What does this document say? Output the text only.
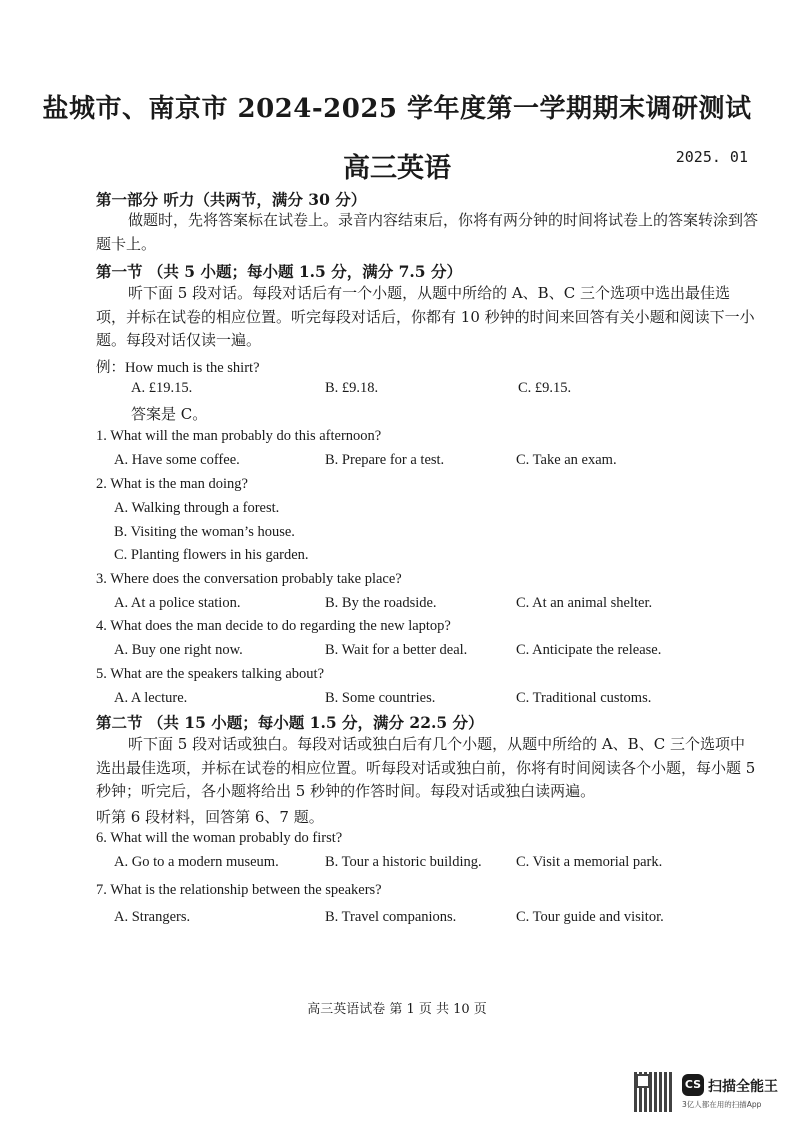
盐城市、南京市 2024-2025 学年度第一学期期末调研测试
高三英语	2025. 01
第一部分 听力（共两节，满分 30 分）
做题时，先将答案标在试卷上。录音内容结束后，你将有两分钟的时间将试卷上的答案转涂到答题卡上。
第一节 （共 5 小题；每小题 1.5 分，满分 7.5 分）
听下面 5 段对话。每段对话后有一个小题，从题中所给的 A、B、C 三个选项中选出最佳选项，并标在试卷的相应位置。听完每段对话后，你都有 10 秒钟的时间来回答有关小题和阅读下一小题。每段对话仅读一遍。
例：How much is the shirt?
A. £19.15.	B. £9.18.	C. £9.15.
答案是 C。
1. What will the man probably do this afternoon?
A. Have some coffee.	B. Prepare for a test.	C. Take an exam.
2. What is the man doing?
A. Walking through a forest.
B. Visiting the woman’s house.
C. Planting flowers in his garden.
3. Where does the conversation probably take place?
A. At a police station.	B. By the roadside.	C. At an animal shelter.
4. What does the man decide to do regarding the new laptop?
A. Buy one right now.	B. Wait for a better deal.	C. Anticipate the release.
5. What are the speakers talking about?
A. A lecture.	B. Some countries.	C. Traditional customs.
第二节 （共 15 小题；每小题 1.5 分，满分 22.5 分）
听下面 5 段对话或独白。每段对话或独白后有几个小题，从题中所给的 A、B、C 三个选项中选出最佳选项，并标在试卷的相应位置。听每段对话或独白前，你将有时间阅读各个小题，每小题 5 秒钟；听完后，各小题将给出 5 秒钟的作答时间。每段对话或独白读两遍。
听第 6 段材料，回答第 6、7 题。
6. What will the woman probably do first?
A. Go to a modern museum.	B. Tour a historic building. C. Visit a memorial park.
7. What is the relationship between the speakers?
A. Strangers.	B. Travel companions.	C. Tour guide and visitor.
高三英语试卷 第 1 页 共 10 页
CS 扫描全能王
3亿人都在用的扫描App
